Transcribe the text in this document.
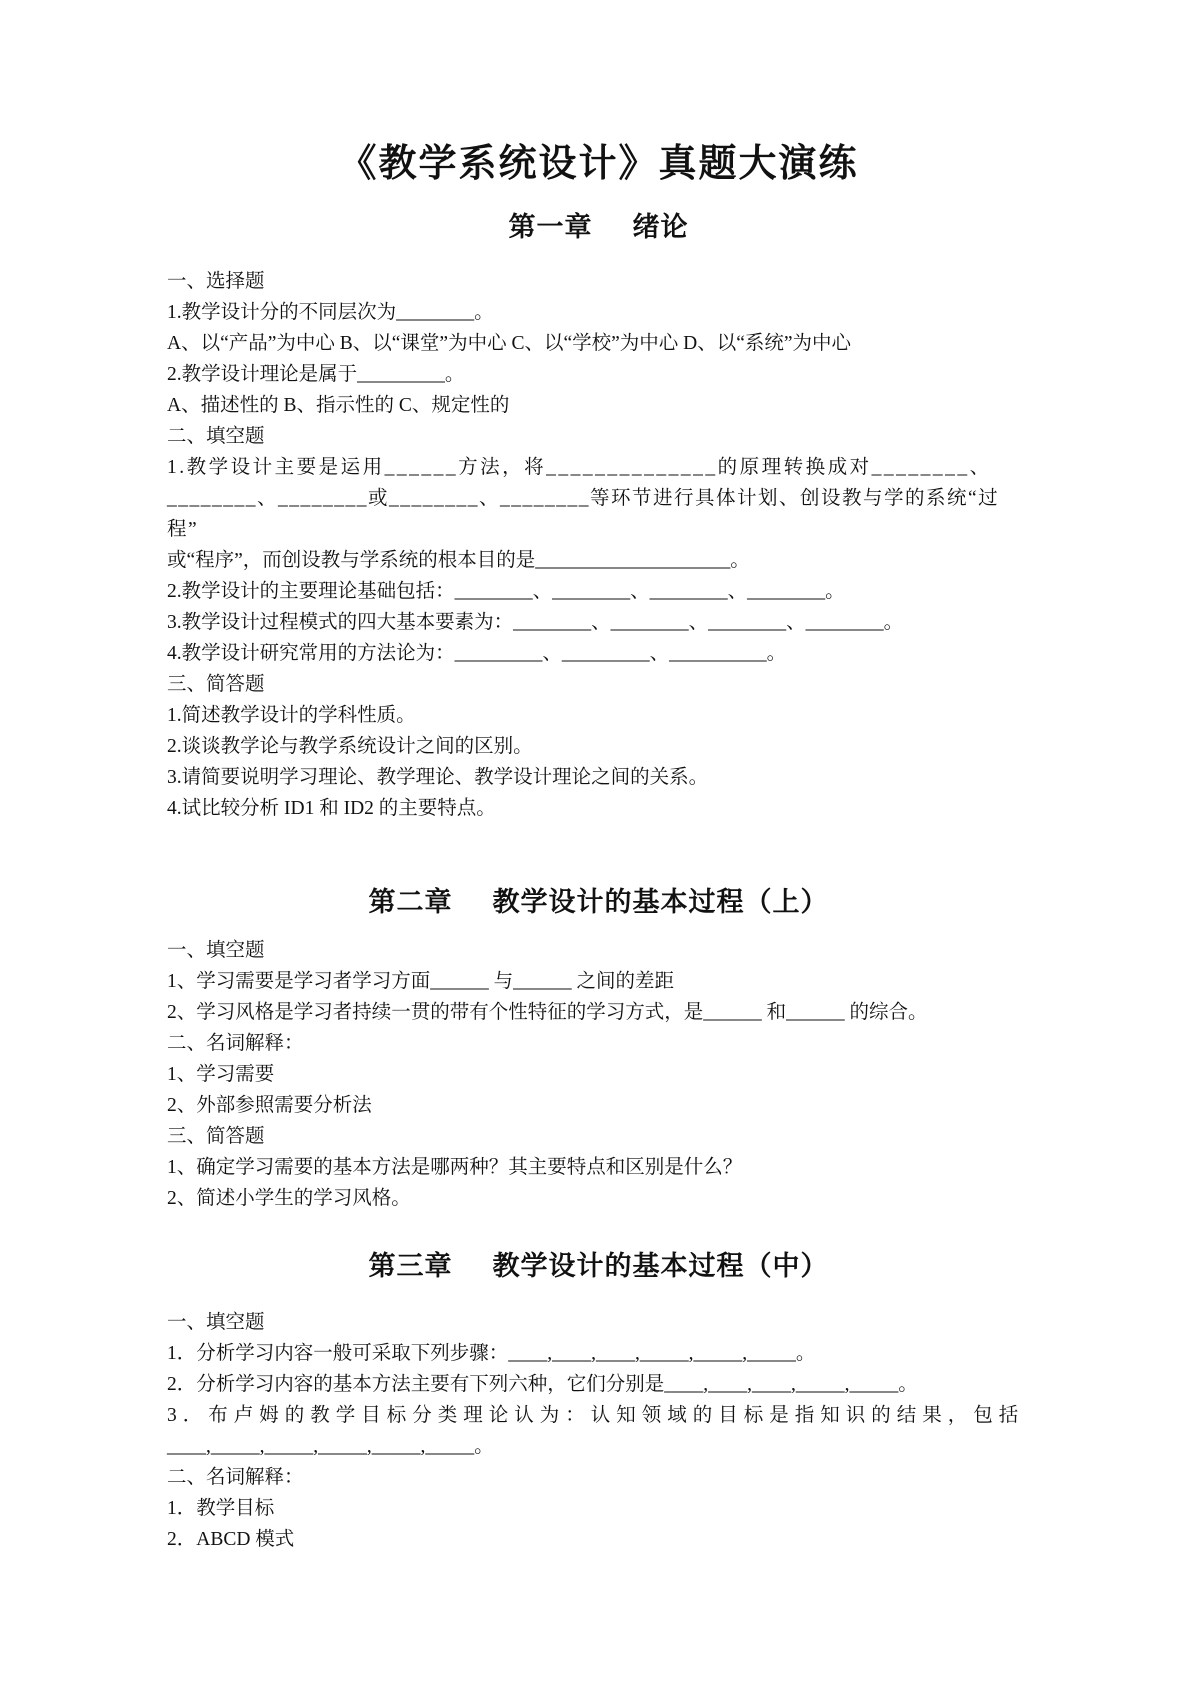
《教学系统设计》真题大演练
第一章 绪论
一、选择题
1.教学设计分的不同层次为________。
A、以“产品”为中心 B、以“课堂”为中心 C、以“学校”为中心 D、以“系统”为中心
2.教学设计理论是属于_________。
A、描述性的 B、指示性的 C、规定性的
二、填空题
1.教学设计主要是运用______方法，将______________的原理转换成对________、
________、________或________、________等环节进行具体计划、创设教与学的系统“过程”
或“程序”，而创设教与学系统的根本目的是____________________。
2.教学设计的主要理论基础包括：________、________、________、________。
3.教学设计过程模式的四大基本要素为：________、________、________、________。
4.教学设计研究常用的方法论为：_________、_________、__________。
三、简答题
1.简述教学设计的学科性质。
2.谈谈教学论与教学系统设计之间的区别。
3.请简要说明学习理论、教学理论、教学设计理论之间的关系。
4.试比较分析 ID1 和 ID2 的主要特点。
第二章 教学设计的基本过程（上）
一、填空题
1、学习需要是学习者学习方面______ 与______ 之间的差距
2、学习风格是学习者持续一贯的带有个性特征的学习方式，是______ 和______ 的综合。
二、名词解释：
1、学习需要
2、外部参照需要分析法
三、简答题
1、确定学习需要的基本方法是哪两种？其主要特点和区别是什么？
2、简述小学生的学习风格。
第三章 教学设计的基本过程（中）
一、填空题
1．分析学习内容一般可采取下列步骤：____,____,____,_____,_____,_____。
2．分析学习内容的基本方法主要有下列六种，它们分别是____,____,____,_____,_____。
3．布卢姆的教学目标分类理论认为：认知领域的目标是指知识的结果，包括
____,_____,_____,_____,_____,_____。
二、名词解释：
1．教学目标
2．ABCD 模式
